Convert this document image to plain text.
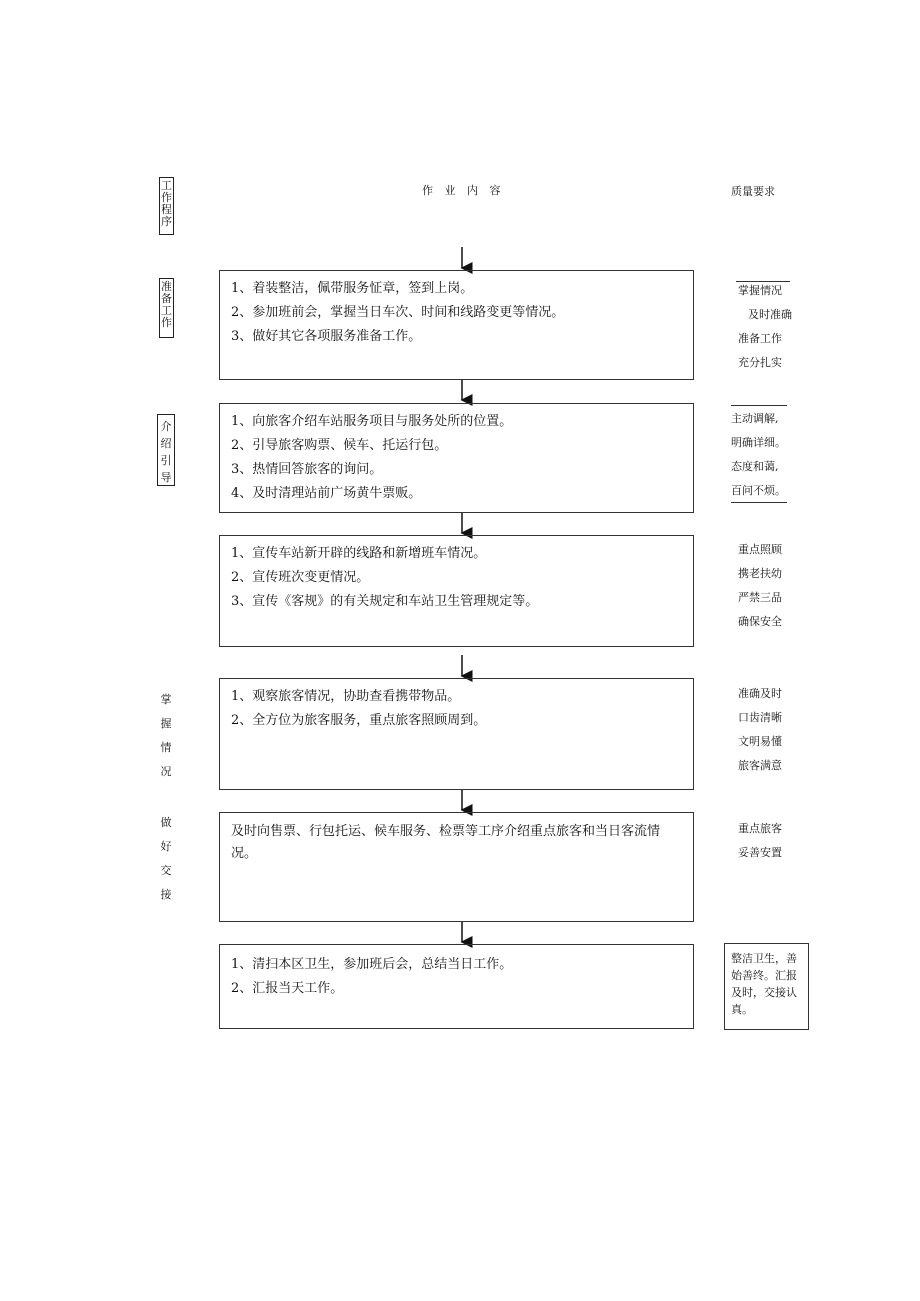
工
作
程
序
作 业 内 容	质量要求
准
备
工
作
介
绍
引
导
掌
握
情
况
做
好
交
接
1、着装整洁，佩带服务怔章，签到上岗。
2、参加班前会，掌握当日车次、时间和线路变更等情况。
3、做好其它各项服务准备工作。
1、向旅客介绍车站服务项目与服务处所的位置。
2、引导旅客购票、候车、托运行包。
3、热情回答旅客的询问。
4、及时清理站前广场黄牛票贩。
1、宣传车站新开辟的线路和新增班车情况。
2、宣传班次变更情况。
3、宣传《客规》的有关规定和车站卫生管理规定等。
1、观察旅客情况，协助查看携带物品。
2、全方位为旅客服务，重点旅客照顾周到。
及时向售票、行包托运、候车服务、检票等工序介绍重点旅客和当日客流情况。
1、清扫本区卫生，参加班后会，总结当日工作。
2、汇报当天工作。
掌握情况
及时准确
准备工作
充分扎实
主动调解,
明确详细。
态度和蔼,
百问不烦。
重点照顾
携老扶幼
严禁三品
确保安全
准确及时
口齿清晰
文明易懂
旅客满意
重点旅客
妥善安置
整洁卫生，善始善终。汇报及时，交接认真。
